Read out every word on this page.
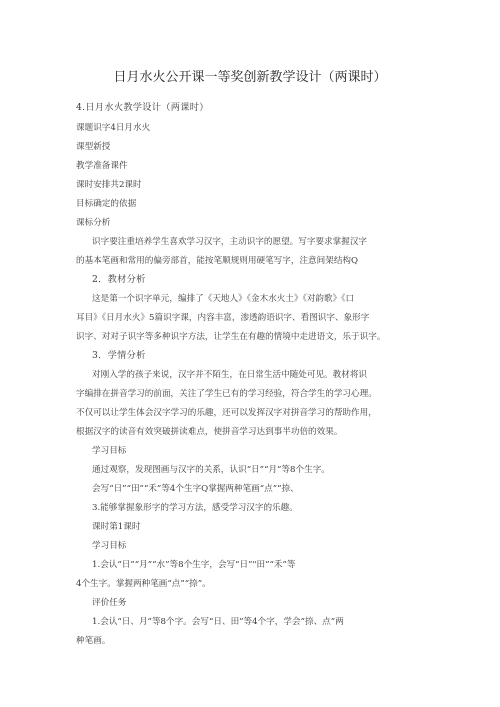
日月水火公开课一等奖创新教学设计（两课时）
4.日月水火教学设计（两课时）
课题识字4日月水火
课型新授
教学准备课件
课时安排共2课时
目标确定的依据
课标分析
识字要注重培养学生喜欢学习汉字，主动识字的愿望。写字要求掌握汉字
的基本笔画和常用的偏旁部首，能按笔顺规则用硬笔写字，注意间架结构Q
2．教材分析
这是第一个识字单元，编排了《天地人》《金木水火土》《对韵歌》《口
耳目》《日月水火》5篇识字课，内容丰富，渗透韵语识字、看图识字、象形字
识字、对对子识字等多种识字方法，让学生在有趣的情境中走进语文，乐于识字。
3．学情分析
对刚入学的孩子来说，汉字并不陌生，在日常生活中随处可见。教材将识
字编排在拼音学习的前面，关注了学生已有的学习经验，符合学生的学习心理。
不仅可以让学生体会汉字学习的乐趣，还可以发挥汉字对拼音学习的帮助作用，
根据汉字的读音有效突破拼读难点，使拼音学习达到事半功倍的效果。
学习目标
通过观察，发现图画与汉字的关系，认识“日”“月”等8个生字。
会写“日”“田”“禾”等4个生字Q掌握两种笔画“点”“捺、
3.能够掌握象形字的学习方法，感受学习汉字的乐趣。
课时第1课时
学习目标
1.会认“日”“月”“水”等8个生字，会写“日”"田”“禾”等
4个生字。掌握两种笔画“点”“捺”。
评价任务
1.会认“日、月”等8个字。会写“日、田”等4个字，学会”捺、点”两
种笔画。
